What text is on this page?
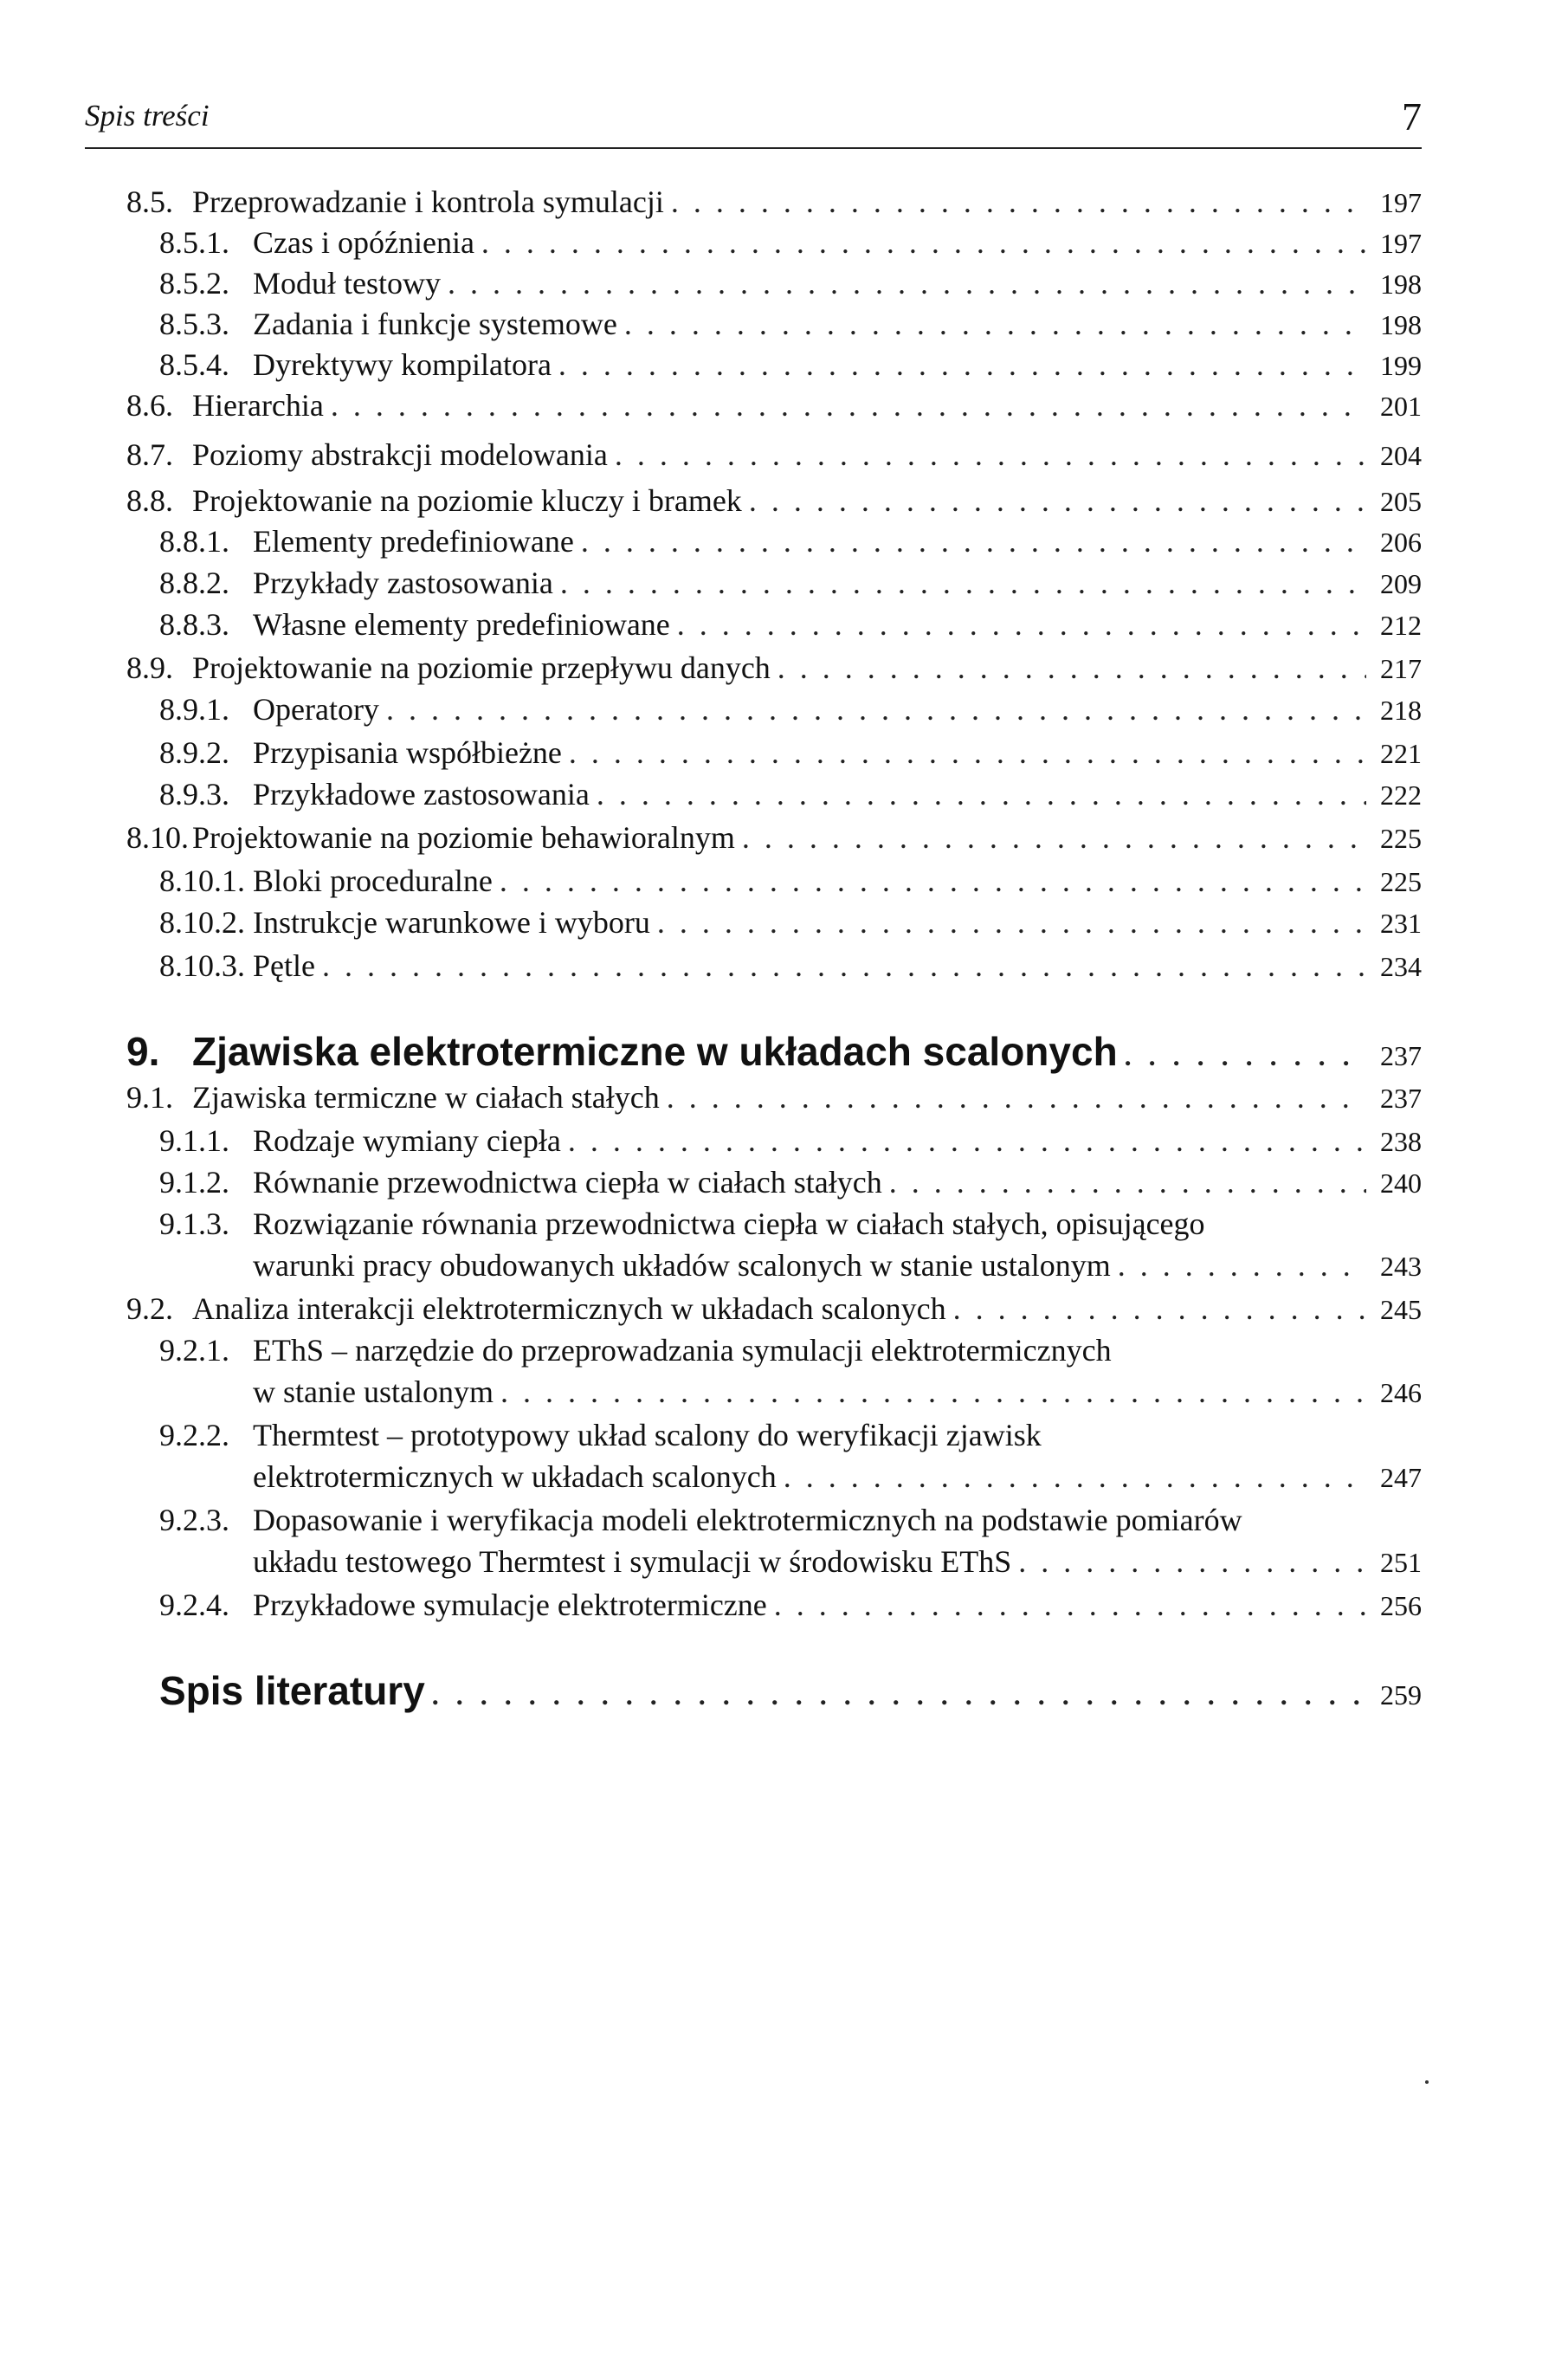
Spis treści	7
8.5. Przeprowadzanie i kontrola symulacji . . .	197
8.5.1. Czas i opóźnienia . . .	197
8.5.2. Moduł testowy . . .	198
8.5.3. Zadania i funkcje systemowe . . .	198
8.5.4. Dyrektywy kompilatora . . .	199
8.6. Hierarchia . . .	201
8.7. Poziomy abstrakcji modelowania . . .	204
8.8. Projektowanie na poziomie kluczy i bramek . . .	205
8.8.1. Elementy predefiniowane . . .	206
8.8.2. Przykłady zastosowania . . .	209
8.8.3. Własne elementy predefiniowane . . .	212
8.9. Projektowanie na poziomie przepływu danych . . .	217
8.9.1. Operatory . . .	218
8.9.2. Przypisania współbieżne . . .	221
8.9.3. Przykładowe zastosowania . . .	222
8.10. Projektowanie na poziomie behawioralnym . . .	225
8.10.1. Bloki proceduralne . . .	225
8.10.2. Instrukcje warunkowe i wyboru . . .	231
8.10.3. Pętle . . .	234
9. Zjawiska elektrotermiczne w układach scalonych . . .	237
9.1. Zjawiska termiczne w ciałach stałych . . .	237
9.1.1. Rodzaje wymiany ciepła . . .	238
9.1.2. Równanie przewodnictwa ciepła w ciałach stałych . . .	240
9.1.3. Rozwiązanie równania przewodnictwa ciepła w ciałach stałych, opisującego
warunki pracy obudowanych układów scalonych w stanie ustalonym . . .	243
9.2. Analiza interakcji elektrotermicznych w układach scalonych . . .	245
9.2.1. EThS – narzędzie do przeprowadzania symulacji elektrotermicznych
w stanie ustalonym . . .	246
9.2.2. Thermtest – prototypowy układ scalony do weryfikacji zjawisk
elektrotermicznych w układach scalonych . . .	247
9.2.3. Dopasowanie i weryfikacja modeli elektrotermicznych na podstawie pomiarów
układu testowego Thermtest i symulacji w środowisku EThS . . .	251
9.2.4. Przykładowe symulacje elektrotermiczne . . .	256
Spis literatury . . .	259
